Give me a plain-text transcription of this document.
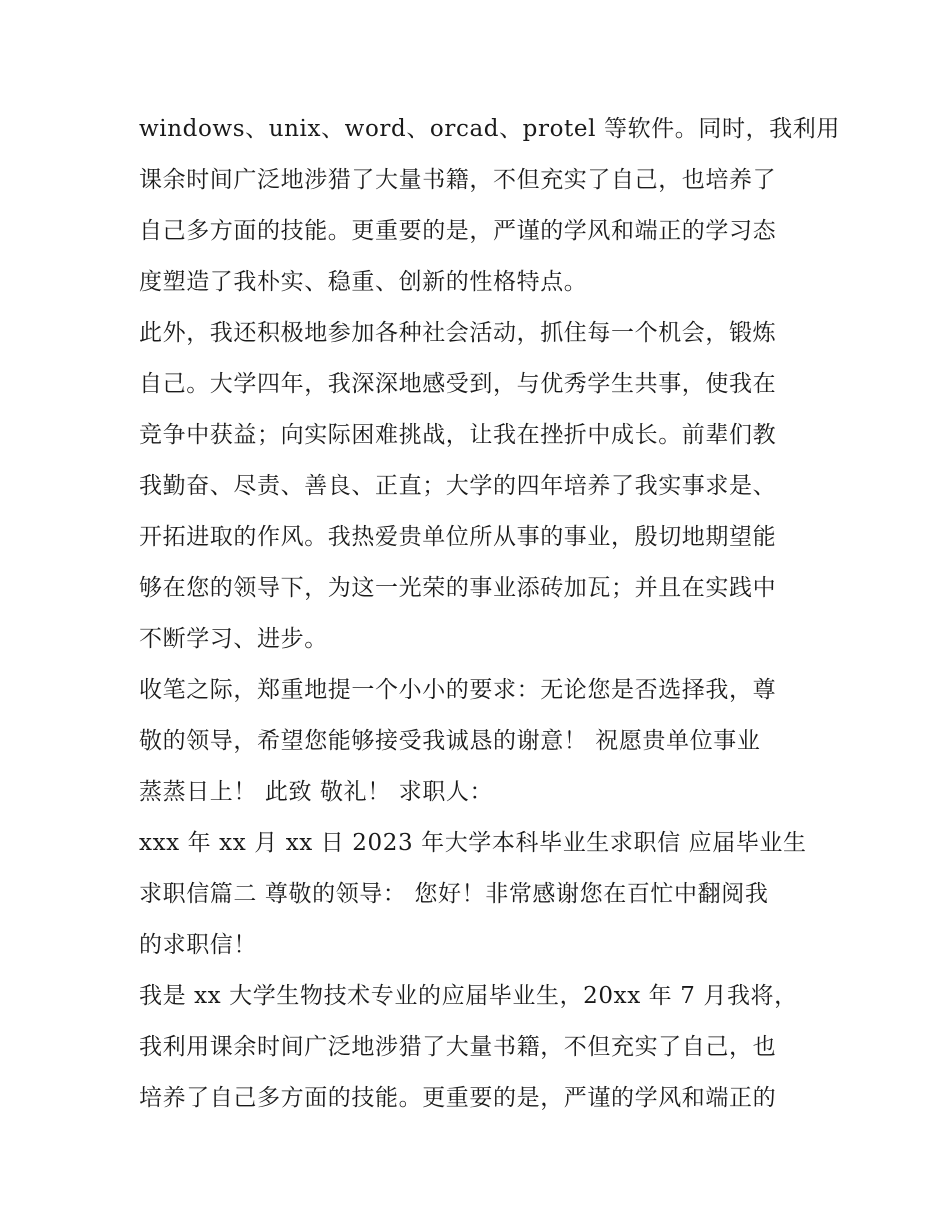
windows、unix、word、orcad、protel 等软件。同时，我利用
课余时间广泛地涉猎了大量书籍，不但充实了自己，也培养了
自己多方面的技能。更重要的是，严谨的学风和端正的学习态
度塑造了我朴实、稳重、创新的性格特点。
此外，我还积极地参加各种社会活动，抓住每一个机会，锻炼
自己。大学四年，我深深地感受到，与优秀学生共事，使我在
竞争中获益；向实际困难挑战，让我在挫折中成长。前辈们教
我勤奋、尽责、善良、正直；大学的四年培养了我实事求是、
开拓进取的作风。我热爱贵单位所从事的事业，殷切地期望能
够在您的领导下，为这一光荣的事业添砖加瓦；并且在实践中
不断学习、进步。
收笔之际，郑重地提一个小小的要求：无论您是否选择我，尊
敬的领导，希望您能够接受我诚恳的谢意！ 祝愿贵单位事业
蒸蒸日上！ 此致 敬礼！ 求职人：
xxx 年 xx 月 xx 日 2023 年大学本科毕业生求职信 应届毕业生
求职信篇二 尊敬的领导： 您好！非常感谢您在百忙中翻阅我
的求职信！
我是 xx 大学生物技术专业的应届毕业生，20xx 年 7 月我将，
我利用课余时间广泛地涉猎了大量书籍，不但充实了自己，也
培养了自己多方面的技能。更重要的是，严谨的学风和端正的
